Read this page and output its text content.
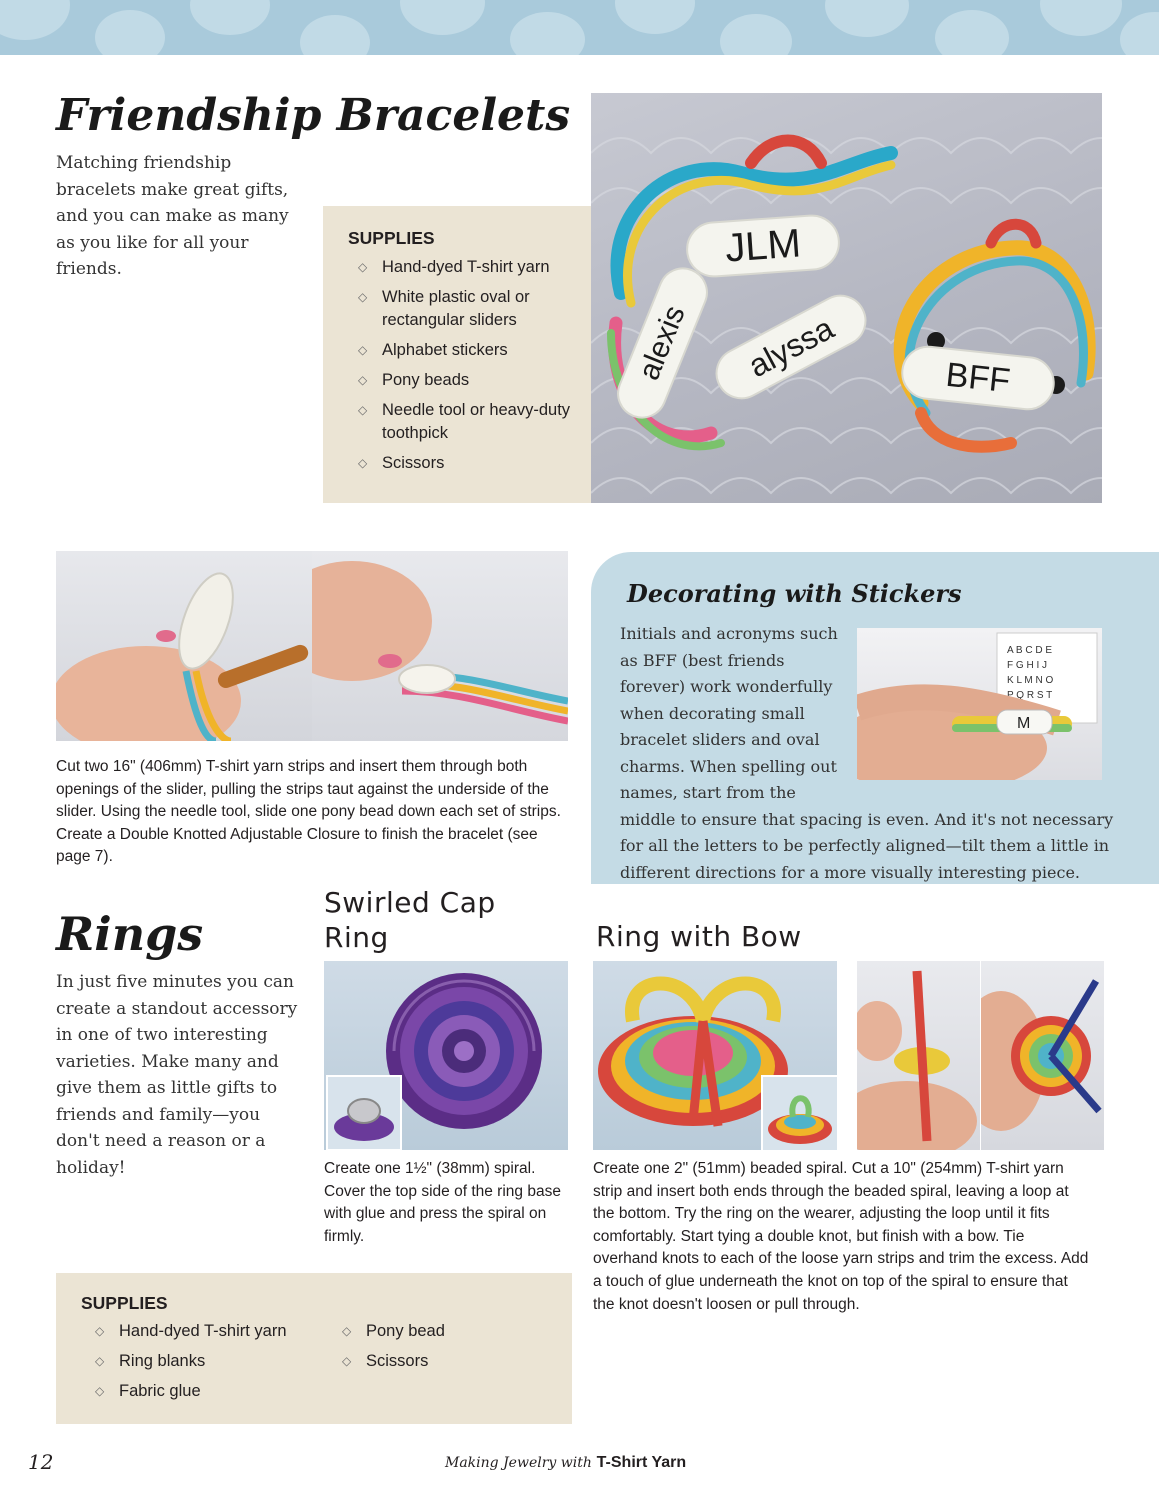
Friendship Bracelets
Matching friendship bracelets make great gifts, and you can make as many as you like for all your friends.
SUPPLIES
◇ Hand-dyed T-shirt yarn
◇ White plastic oval or rectangular sliders
◇ Alphabet stickers
◇ Pony beads
◇ Needle tool or heavy-duty toothpick
◇ Scissors
JLM
alexis	alyssa	BFF
Cut two 16" (406mm) T-shirt yarn strips and insert them through both openings of the slider, pulling the strips taut against the underside of the slider. Using the needle tool, slide one pony bead down each set of strips. Create a Double Knotted Adjustable Closure to finish the bracelet (see page 7).
Decorating with Stickers
A B C D E
F G H I J
K L M N O
P Q R S T
M
Initials and acronyms such as BFF (best friends forever) work wonderfully when decorating small bracelet sliders and oval charms. When spelling out names, start from the middle to ensure that spacing is even. And it's not necessary for all the letters to be perfectly aligned—tilt them a little in different directions for a more visually interesting piece.
Rings
In just five minutes you can create a standout accessory in one of two interesting varieties. Make many and give them as little gifts to friends and family—you don't need a reason or a holiday!
Swirled Cap Ring
Create one 1½" (38mm) spiral. Cover the top side of the ring base with glue and press the spiral on firmly.
Ring with Bow
Create one 2" (51mm) beaded spiral. Cut a 10" (254mm) T-shirt yarn strip and insert both ends through the beaded spiral, leaving a loop at the bottom. Try the ring on the wearer, adjusting the loop until it fits comfortably. Start tying a double knot, but finish with a bow. Tie overhand knots to each of the loose yarn strips and trim the excess. Add a touch of glue underneath the knot on top of the spiral to ensure that the knot doesn't loosen or pull through.
SUPPLIES
◇ Hand-dyed T-shirt yarn
◇ Ring blanks
◇ Fabric glue
◇ Pony bead
◇ Scissors
12	Making Jewelry with T-Shirt Yarn
